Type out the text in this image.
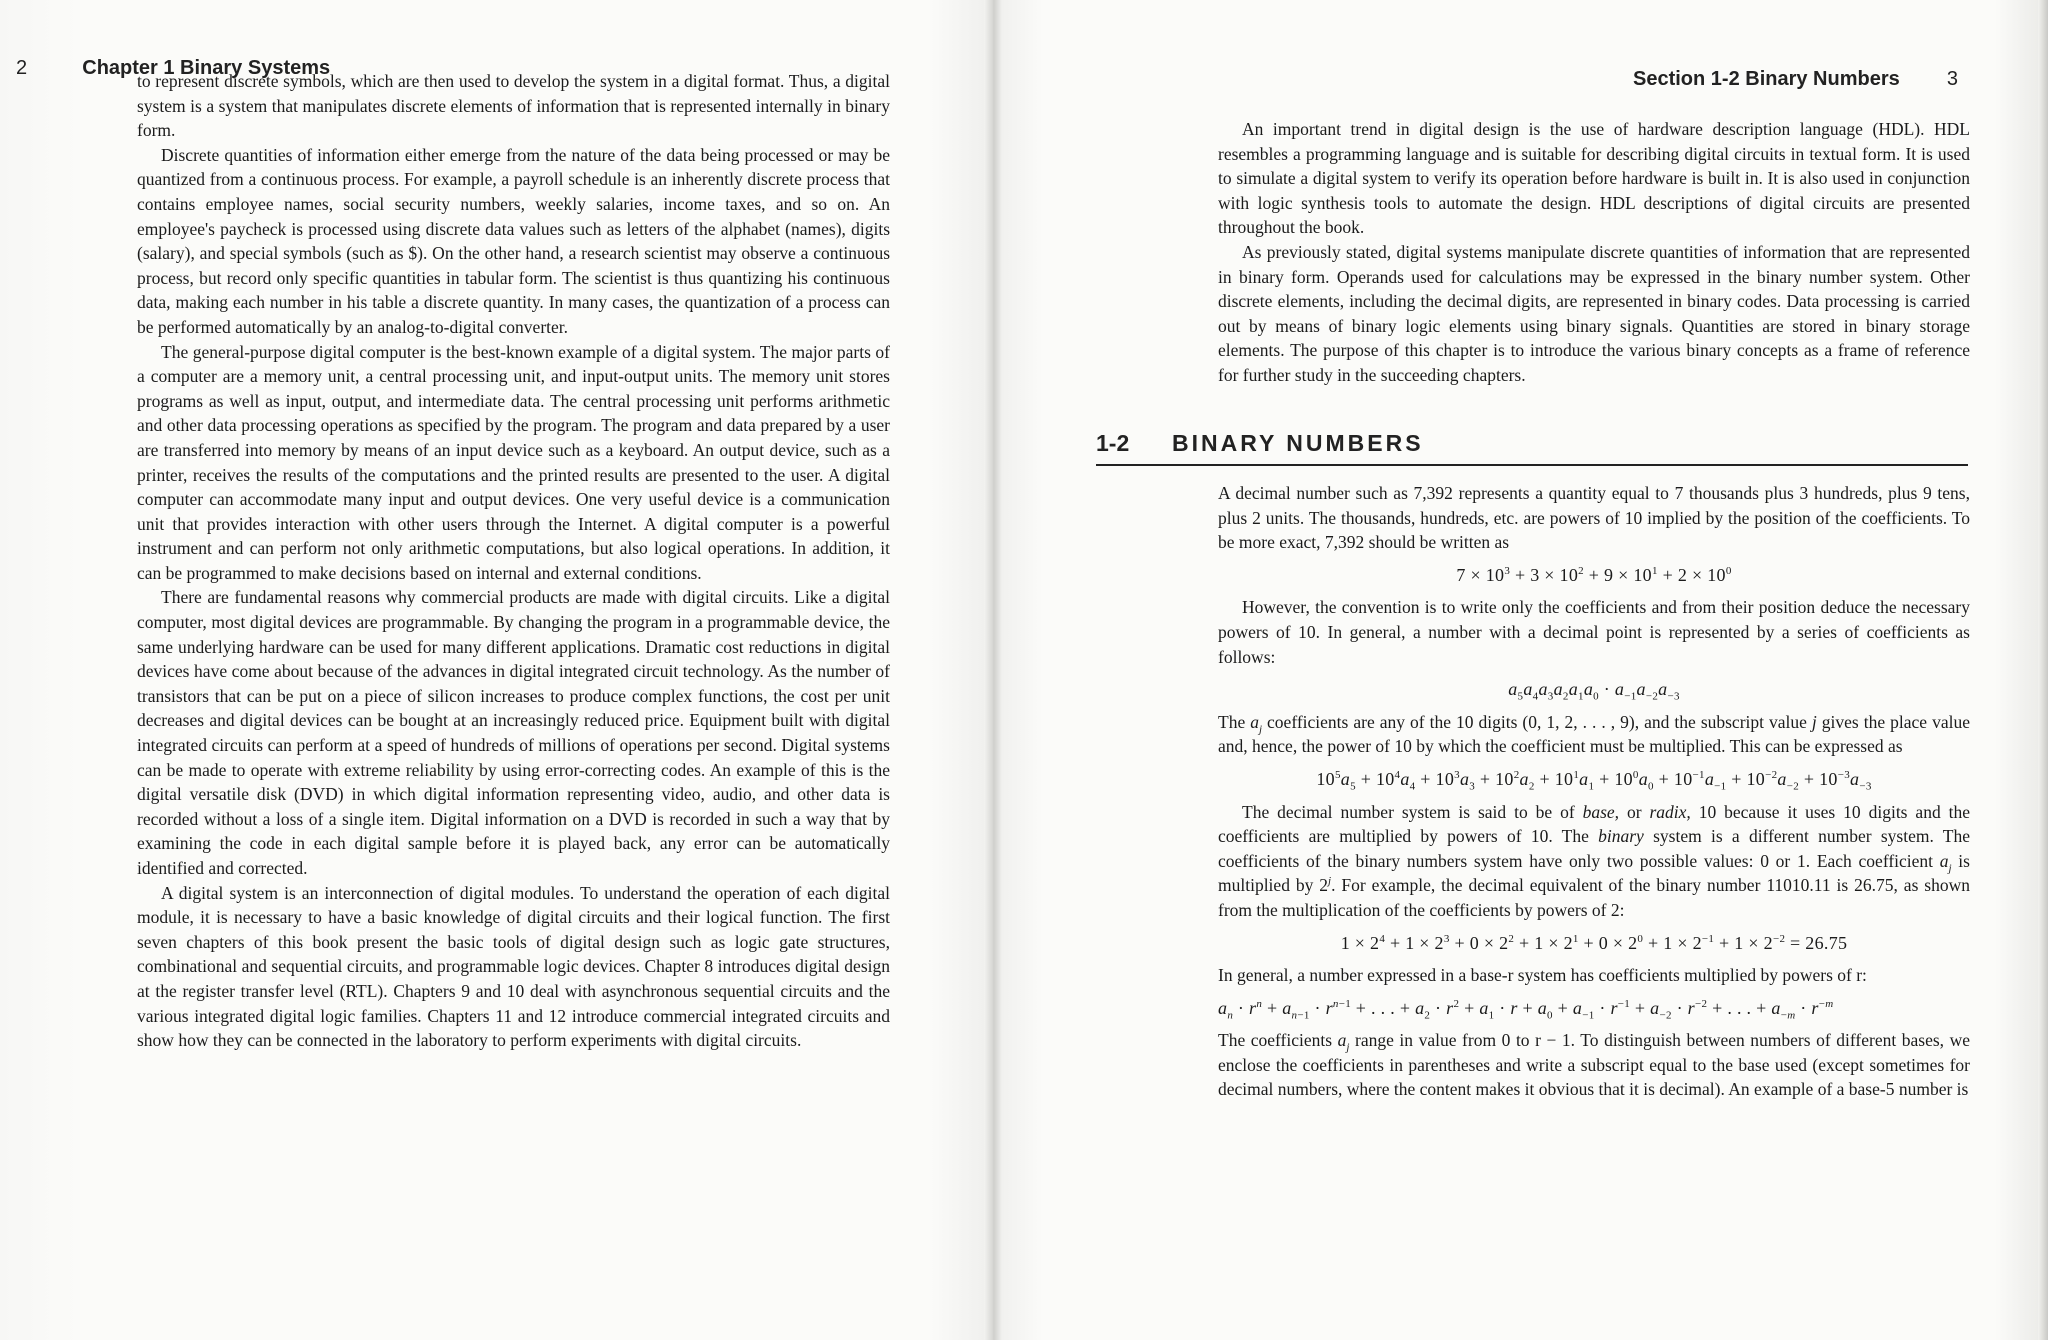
2	Chapter 1 Binary Systems

to represent discrete symbols, which are then used to develop the system in a digital format. Thus, a digital system is a system that manipulates discrete elements of information that is represented internally in binary form.

Discrete quantities of information either emerge from the nature of the data being processed or may be quantized from a continuous process. For example, a payroll schedule is an inherently discrete process that contains employee names, social security numbers, weekly salaries, income taxes, and so on. An employee's paycheck is processed using discrete data values such as letters of the alphabet (names), digits (salary), and special symbols (such as $). On the other hand, a research scientist may observe a continuous process, but record only specific quantities in tabular form. The scientist is thus quantizing his continuous data, making each number in his table a discrete quantity. In many cases, the quantization of a process can be performed automatically by an analog-to-digital converter.

The general-purpose digital computer is the best-known example of a digital system. The major parts of a computer are a memory unit, a central processing unit, and input-output units. The memory unit stores programs as well as input, output, and intermediate data. The central processing unit performs arithmetic and other data processing operations as specified by the program. The program and data prepared by a user are transferred into memory by means of an input device such as a keyboard. An output device, such as a printer, receives the results of the computations and the printed results are presented to the user. A digital computer can accommodate many input and output devices. One very useful device is a communication unit that provides interaction with other users through the Internet. A digital computer is a powerful instrument and can perform not only arithmetic computations, but also logical operations. In addition, it can be programmed to make decisions based on internal and external conditions.

There are fundamental reasons why commercial products are made with digital circuits. Like a digital computer, most digital devices are programmable. By changing the program in a programmable device, the same underlying hardware can be used for many different applications. Dramatic cost reductions in digital devices have come about because of the advances in digital integrated circuit technology. As the number of transistors that can be put on a piece of silicon increases to produce complex functions, the cost per unit decreases and digital devices can be bought at an increasingly reduced price. Equipment built with digital integrated circuits can perform at a speed of hundreds of millions of operations per second. Digital systems can be made to operate with extreme reliability by using error-correcting codes. An example of this is the digital versatile disk (DVD) in which digital information representing video, audio, and other data is recorded without a loss of a single item. Digital information on a DVD is recorded in such a way that by examining the code in each digital sample before it is played back, any error can be automatically identified and corrected.

A digital system is an interconnection of digital modules. To understand the operation of each digital module, it is necessary to have a basic knowledge of digital circuits and their logical function. The first seven chapters of this book present the basic tools of digital design such as logic gate structures, combinational and sequential circuits, and programmable logic devices. Chapter 8 introduces digital design at the register transfer level (RTL). Chapters 9 and 10 deal with asynchronous sequential circuits and the various integrated digital logic families. Chapters 11 and 12 introduce commercial integrated circuits and show how they can be connected in the laboratory to perform experiments with digital circuits.

Section 1-2 Binary Numbers 3

An important trend in digital design is the use of hardware description language (HDL). HDL resembles a programming language and is suitable for describing digital circuits in textual form. It is used to simulate a digital system to verify its operation before hardware is built in. It is also used in conjunction with logic synthesis tools to automate the design. HDL descriptions of digital circuits are presented throughout the book.

As previously stated, digital systems manipulate discrete quantities of information that are represented in binary form. Operands used for calculations may be expressed in the binary number system. Other discrete elements, including the decimal digits, are represented in binary codes. Data processing is carried out by means of binary logic elements using binary signals. Quantities are stored in binary storage elements. The purpose of this chapter is to introduce the various binary concepts as a frame of reference for further study in the succeeding chapters.

1-2 BINARY NUMBERS

A decimal number such as 7,392 represents a quantity equal to 7 thousands plus 3 hundreds, plus 9 tens, plus 2 units. The thousands, hundreds, etc. are powers of 10 implied by the position of the coefficients. To be more exact, 7,392 should be written as

$7 \times 10^3 + 3 \times 10^2 + 9 \times 10^1 + 2 \times 10^0$

However, the convention is to write only the coefficients and from their position deduce the necessary powers of 10. In general, a number with a decimal point is represented by a series of coefficients as follows:

$a_5a_4a_3a_2a_1a_0 \cdot a_{-1}a_{-2}a_{-3}$

The $a_j$ coefficients are any of the 10 digits (0, 1, 2, . . . , 9), and the subscript value j gives the place value and, hence, the power of 10 by which the coefficient must be multiplied. This can be expressed as

$10^5a_5 + 10^4a_4 + 10^3a_3 + 10^2a_2 + 10^1a_1 + 10^0a_0 + 10^{-1}a_{-1} + 10^{-2}a_{-2} + 10^{-3}a_{-3}$

The decimal number system is said to be of base, or radix, 10 because it uses 10 digits and the coefficients are multiplied by powers of 10. The binary system is a different number system. The coefficients of the binary numbers system have only two possible values: 0 or 1. Each coefficient $a_j$ is multiplied by 2$^j$. For example, the decimal equivalent of the binary number 11010.11 is 26.75, as shown from the multiplication of the coefficients by powers of 2:

$1 \times 2^4 + 1 \times 2^3 + 0 \times 2^2 + 1 \times 2^1 + 0 \times 2^0 + 1 \times 2^{-1} + 1 \times 2^{-2} = 26.75$

In general, a number expressed in a base-r system has coefficients multiplied by powers of r:

$a_n \cdot r^n + a_{n-1} \cdot r^{n-1}$ + . . . + $a_2 \cdot r^2 + a_1 \cdot r + a_0 + a_{-1} \cdot r^{-1} + a_{-2} \cdot r^{-2}$ + . . . + $a_{-m} \cdot r^{-m}$

The coefficients $a_j$ range in value from 0 to r − 1. To distinguish between numbers of different bases, we enclose the coefficients in parentheses and write a subscript equal to the base used (except sometimes for decimal numbers, where the content makes it obvious that it is decimal). An example of a base-5 number is
